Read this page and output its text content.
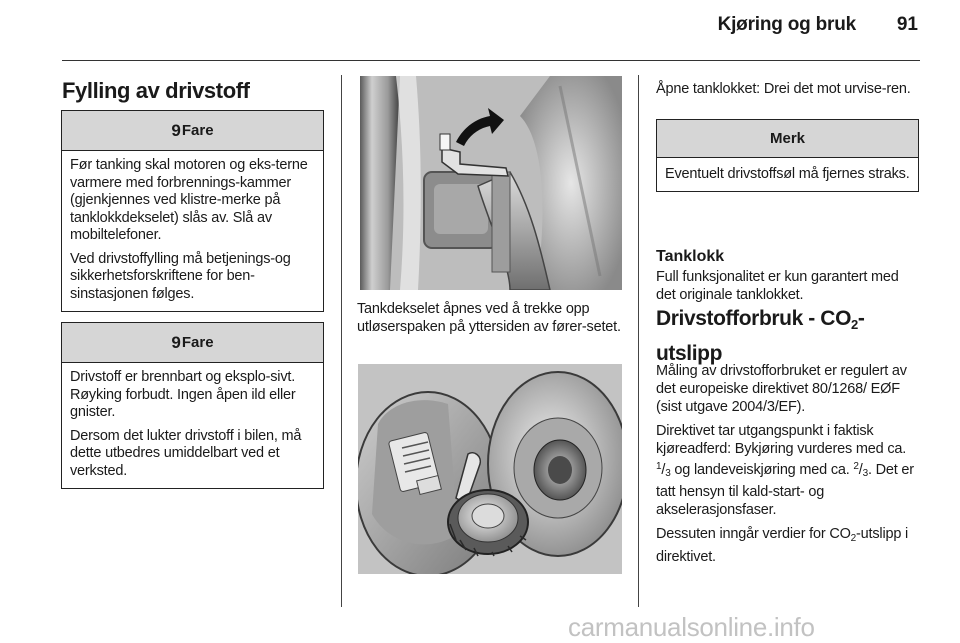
Kjøring og bruk	91
Fylling av drivstoff
9 Fare

Før tanking skal motoren og eks-terne varmere med forbrennings-kammer (gjenkjennes ved klistre-merke på tanklokkdekselet) slås av. Slå av mobiltelefoner.

Ved drivstoffylling må betjenings-og sikkerhetsforskriftene for ben-sinstasjonen følges.

9 Fare

Drivstoff er brennbart og eksplo-sivt. Røyking forbudt. Ingen åpen ild eller gnister.

Dersom det lukter drivstoff i bilen, må dette utbedres umiddelbart ved et verksted.

Tankdekselet åpnes ved å trekke opp utløserspaken på yttersiden av fører-setet.
Åpne tanklokket: Drei det mot urvise-ren.
Merk
Eventuelt drivstoffsøl må fjernes straks.
Tanklokk
Full funksjonalitet er kun garantert med det originale tanklokket.
Drivstofforbruk - $CO_2$-utslipp

Måling av drivstofforbruket er regulert av det europeiske direktivet 80/1268/ EØF (sist utgave 2004/3/EF).

Direktivet tar utgangspunkt i faktisk kjøreadferd: Bykjøring vurderes med ca. $^1/_3$ og landeveiskjøring med ca. $^2/_3$. Det er tatt hensyn til kald-start- og akselerasjonsfaser.

Dessuten inngår verdier for $CO_2$-utslipp i direktivet.

carmanualsonline.info
